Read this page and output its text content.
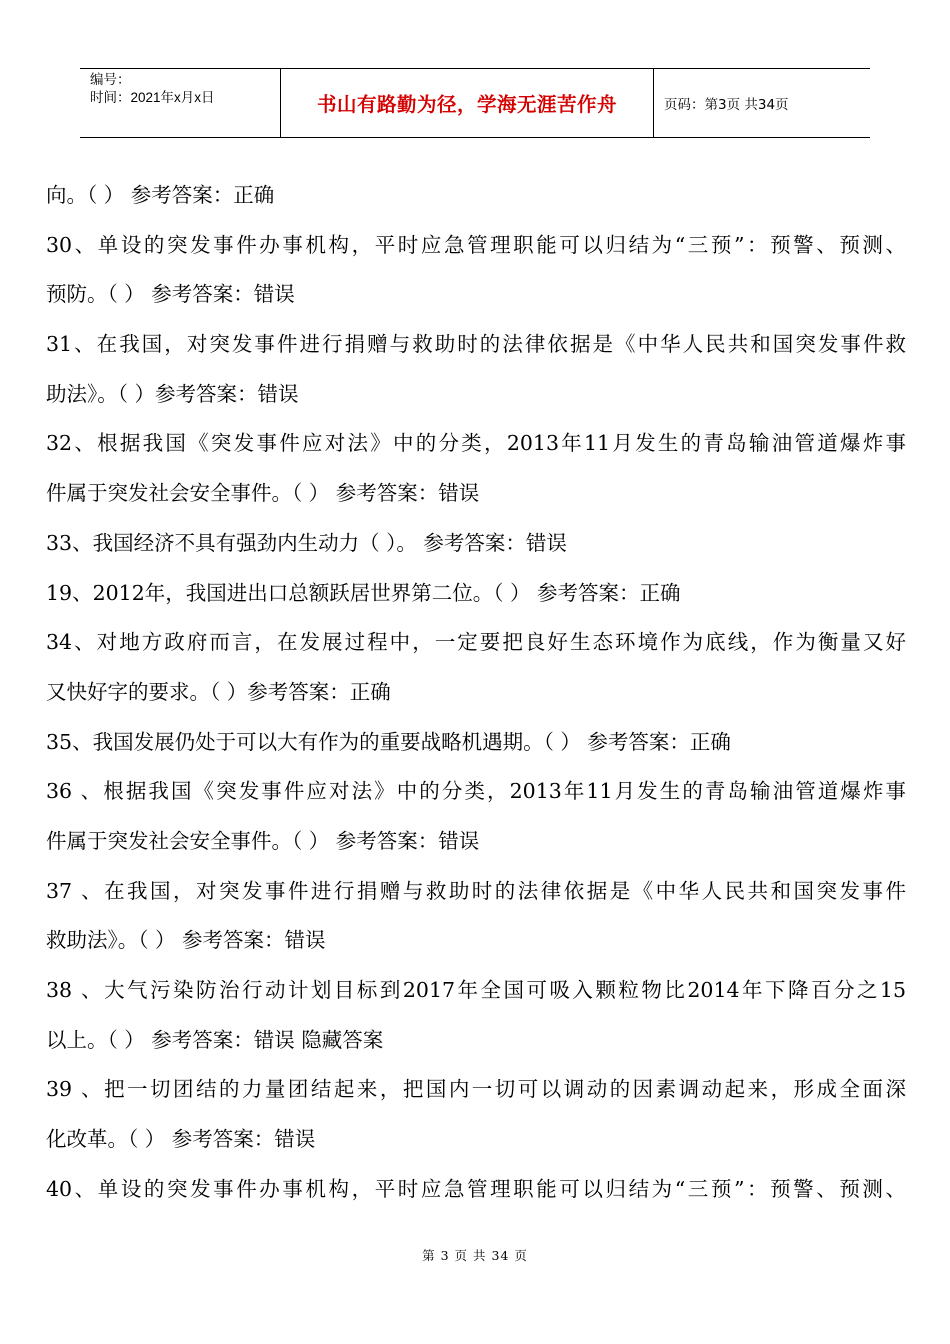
编号：
时间：2021年x月x日	书山有路勤为径，学海无涯苦作舟	页码：第3页 共34页
向。（ ） 参考答案：正确
30、单设的突发事件办事机构，平时应急管理职能可以归结为“三预”：预警、预测、
预防。（ ） 参考答案：错误
31、在我国，对突发事件进行捐赠与救助时的法律依据是《中华人民共和国突发事件救
助法》。（ ）参考答案：错误
32、根据我国《突发事件应对法》中的分类，2013年11月发生的青岛输油管道爆炸事
件属于突发社会安全事件。（ ） 参考答案：错误
33、我国经济不具有强劲内生动力（ ）。 参考答案：错误
19、2012年，我国进出口总额跃居世界第二位。（ ） 参考答案：正确
34、对地方政府而言，在发展过程中，一定要把良好生态环境作为底线，作为衡量又好
又快好字的要求。（ ）参考答案：正确
35、我国发展仍处于可以大有作为的重要战略机遇期。（ ） 参考答案：正确
36 、根据我国《突发事件应对法》中的分类，2013年11月发生的青岛输油管道爆炸事
件属于突发社会安全事件。（ ） 参考答案：错误
37 、在我国，对突发事件进行捐赠与救助时的法律依据是《中华人民共和国突发事件
救助法》。（ ） 参考答案：错误
38 、大气污染防治行动计划目标到2017年全国可吸入颗粒物比2014年下降百分之15
以上。（ ） 参考答案：错误 隐藏答案
39 、把一切团结的力量团结起来，把国内一切可以调动的因素调动起来，形成全面深
化改革。（ ） 参考答案：错误
40、单设的突发事件办事机构，平时应急管理职能可以归结为“三预”：预警、预测、
第 3 页 共 34 页
